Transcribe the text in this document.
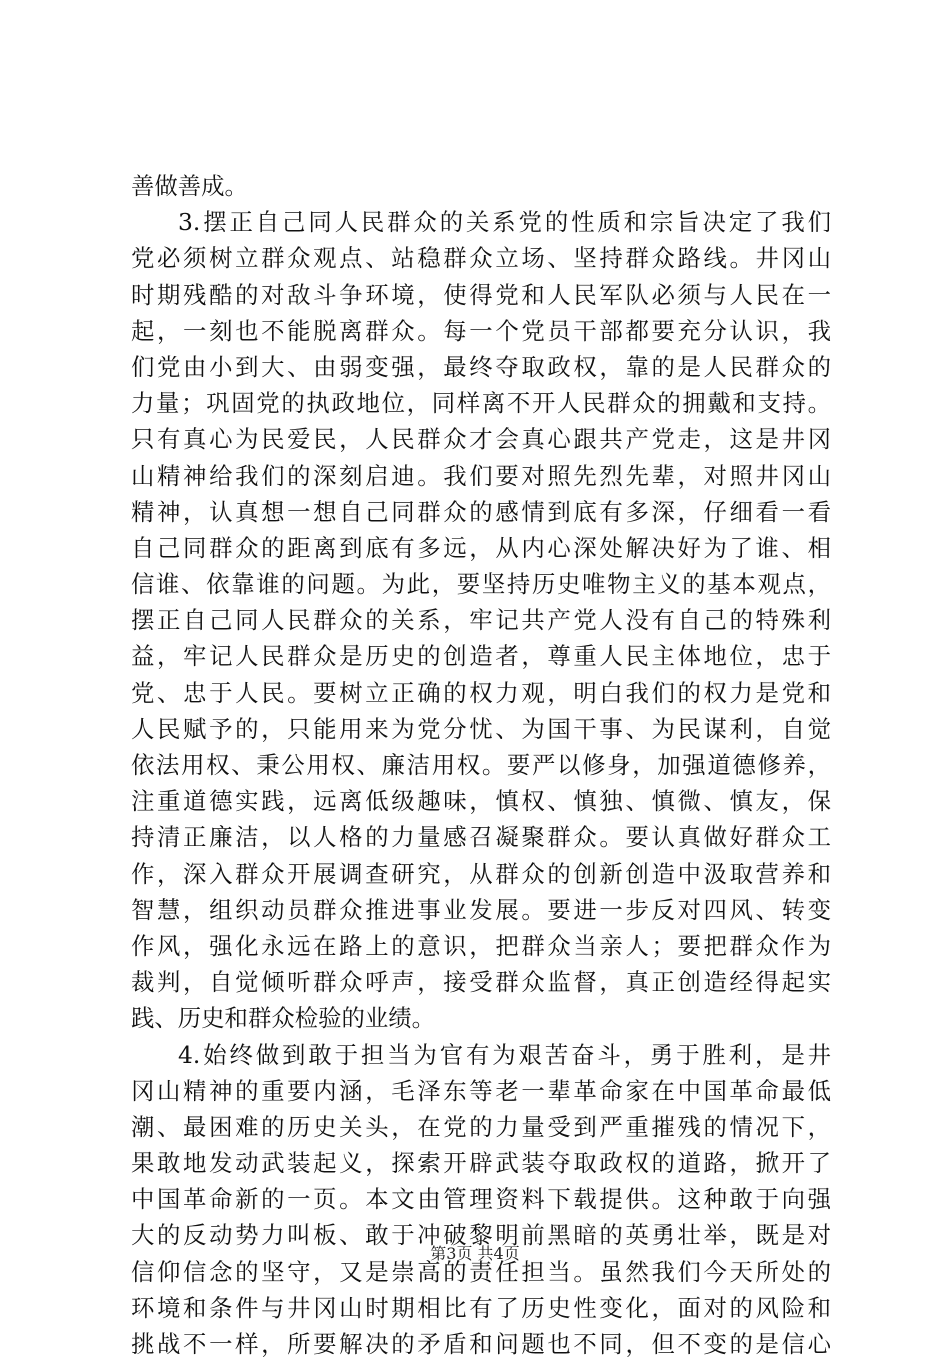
善做善成。
3.摆正自己同人民群众的关系党的性质和宗旨决定了我们
党必须树立群众观点、站稳群众立场、坚持群众路线。井冈山
时期残酷的对敌斗争环境，使得党和人民军队必须与人民在一
起，一刻也不能脱离群众。每一个党员干部都要充分认识，我
们党由小到大、由弱变强，最终夺取政权，靠的是人民群众的
力量；巩固党的执政地位，同样离不开人民群众的拥戴和支持。
只有真心为民爱民，人民群众才会真心跟共产党走，这是井冈
山精神给我们的深刻启迪。我们要对照先烈先辈，对照井冈山
精神，认真想一想自己同群众的感情到底有多深，仔细看一看
自己同群众的距离到底有多远，从内心深处解决好为了谁、相
信谁、依靠谁的问题。为此，要坚持历史唯物主义的基本观点，
摆正自己同人民群众的关系，牢记共产党人没有自己的特殊利
益，牢记人民群众是历史的创造者，尊重人民主体地位，忠于
党、忠于人民。要树立正确的权力观，明白我们的权力是党和
人民赋予的，只能用来为党分忧、为国干事、为民谋利，自觉
依法用权、秉公用权、廉洁用权。要严以修身，加强道德修养，
注重道德实践，远离低级趣味，慎权、慎独、慎微、慎友，保
持清正廉洁，以人格的力量感召凝聚群众。要认真做好群众工
作，深入群众开展调查研究，从群众的创新创造中汲取营养和
智慧，组织动员群众推进事业发展。要进一步反对四风、转变
作风，强化永远在路上的意识，把群众当亲人；要把群众作为
裁判，自觉倾听群众呼声，接受群众监督，真正创造经得起实
践、历史和群众检验的业绩。
4.始终做到敢于担当为官有为艰苦奋斗，勇于胜利，是井
冈山精神的重要内涵，毛泽东等老一辈革命家在中国革命最低
潮、最困难的历史关头，在党的力量受到严重摧残的情况下，
果敢地发动武装起义，探索开辟武装夺取政权的道路，掀开了
中国革命新的一页。本文由管理资料下载提供。这种敢于向强
大的反动势力叫板、敢于冲破黎明前黑暗的英勇壮举，既是对
信仰信念的坚守，又是崇高的责任担当。虽然我们今天所处的
环境和条件与井冈山时期相比有了历史性变化，面对的风险和
挑战不一样，所要解决的矛盾和问题也不同，但不变的是信心
第3页 共4页
